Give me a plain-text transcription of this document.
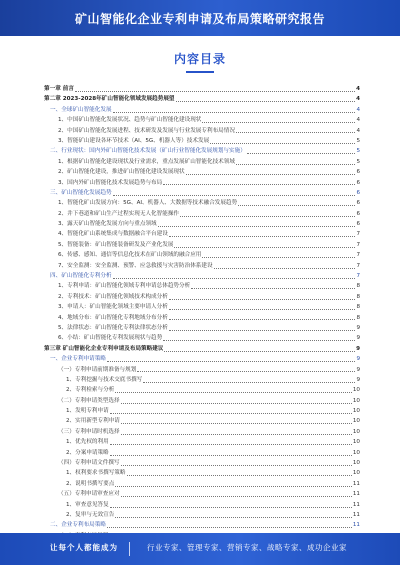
矿山智能化企业专利申请及布局策略研究报告
内容目录
第一章 前言	4
第二章 2023-2028年矿山智能化领域发展趋势展望	4
一、全球矿山智能化发展	4
1、中国矿山智能化发展状况、趋势与矿山智能化建设现状	4
2、中国矿山智能化发展进程、技术研发及发展与行业发展专利布局情况	4
3、智能矿山建设各环节技术（AI、5G、机器人等）技术发展	5
二、行业现状：国内外矿山智能化技术发展（矿山行业智能化发展规划与实施）	5
1、根据矿山智能化建设现状及行业需求，重点发展矿山智能化技术领域	5
2、矿山智能化建设，推进矿山智能化建设发展现状	6
3、国内外矿山智能化技术发展趋势与布局	6
三、矿山智能化发展趋势	6
1、智能化矿山发展方向：5G、AI、机器人、大数据等技术融合发展趋势	6
2、井下巷道和矿山生产过程实现无人化智能操作	6
3、露天矿山智能化发展方向与重点领域	6
4、智能化矿山系统集成与数据融合平台建设	7
5、智能装备：矿山智能装备研发及产业化发展	7
6、传感、感知、通信等信息化技术在矿山领域的融合应用	7
7、安全监测：安全监测、预警、应急救援与灾害防治体系建设	7
四、矿山智能化专利分析	7
1、专利申请：矿山智能化领域专利申请总体趋势分析	8
2、专利技术：矿山智能化领域技术构成分析	8
3、申请人：矿山智能化领域主要申请人分析	8
4、地域分布：矿山智能化专利地域分布分析	8
5、法律状态：矿山智能化专利法律状态分析	9
6、小结：矿山智能化专利发展现状与趋势	9
第三章 矿山智能化企业专利申请及布局策略建议	9
一、企业专利申请策略	9
（一）专利申请前期准备与规划	9
1、专利挖掘与技术交底书撰写	9
2、专利检索与分析	10
（二）专利申请类型选择	10
1、发明专利申请	10
2、实用新型专利申请	10
（三）专利申请时机选择	10
1、优先权的利用	10
2、分案申请策略	10
（四）专利申请文件撰写	10
1、权利要求书撰写策略	10
2、说明书撰写要点	11
（五）专利申请审查应对	11
1、审查意见答复	11
2、复审与无效宣告	11
二、企业专利布局策略	11
让每个人都能成为	行业专家、管理专家、营销专家、战略专家、成功企业家
